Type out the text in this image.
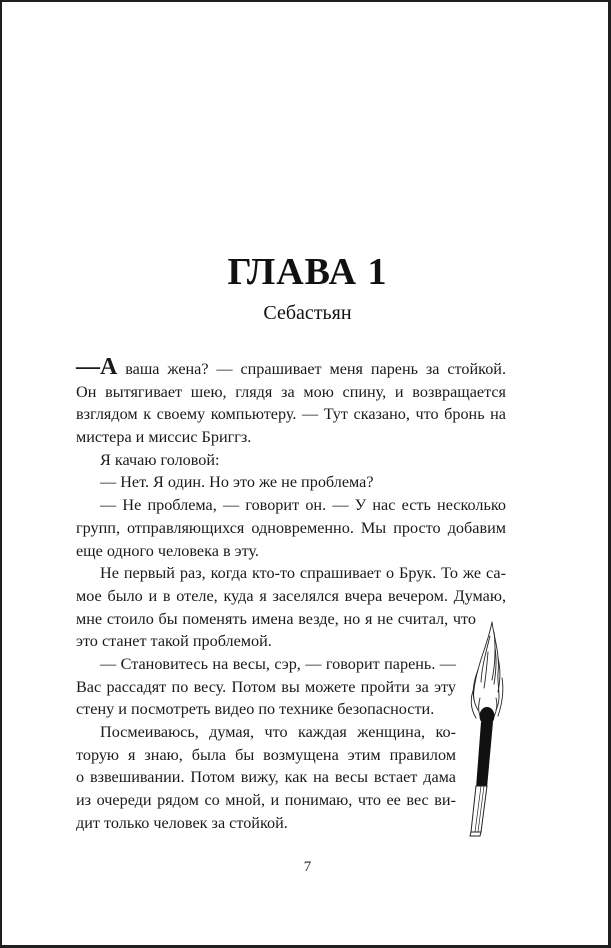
ГЛАВА 1
Себастьян
—A ваша жена? — спрашивает меня парень за стойкой.
Он вытягивает шею, глядя за мою спину, и возвращается
взглядом к своему компьютеру. — Тут сказано, что бронь на
мистера и миссис Бриггз.
Я качаю головой:
— Нет. Я один. Но это же не проблема?
— Не проблема, — говорит он. — У нас есть несколько
групп, отправляющихся одновременно. Мы просто добавим
еще одного человека в эту.
Не первый раз, когда кто-то спрашивает о Брук. То же са-
мое было и в отеле, куда я заселялся вчера вечером. Думаю,
мне стоило бы поменять имена везде, но я не считал, что
это станет такой проблемой.
— Становитесь на весы, сэр, — говорит парень. —
Вас рассадят по весу. Потом вы можете пройти за эту
стену и посмотреть видео по технике безопасности.
Посмеиваюсь, думая, что каждая женщина, ко-
торую я знаю, была бы возмущена этим правилом
о взвешивании. Потом вижу, как на весы встает дама
из очереди рядом со мной, и понимаю, что ее вес ви-
дит только человек за стойкой.
7
